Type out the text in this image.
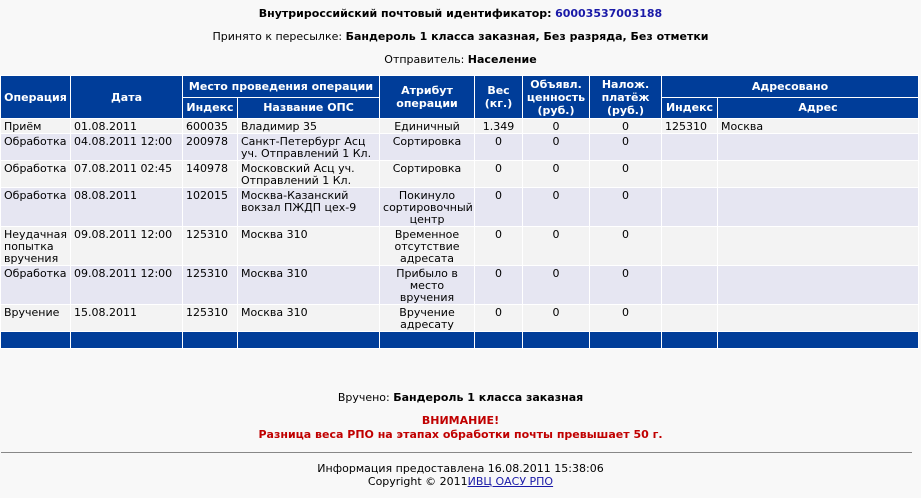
Внутрироссийский почтовый идентификатор: 60003537003188
Принято к пересылке: Бандероль 1 класса заказная, Без разряда, Без отметки
Отправитель: Население
Операция	Дата	Место проведения операции		Атрибут операции	Вес (кг.)	Объявл. ценность (руб.)	Налож. платёж (руб.)	Адресовано	
		Индекс	Название ОПС					Индекс	Адрес
Приём	01.08.2011	600035	Владимир 35	Единичный	1.349	0	0	125310	Москва
Обработка	04.08.2011 12:00	200978	Санкт-Петербург Асц уч. Отправлений 1 Кл.	Сортировка	0	0	0		
Обработка	07.08.2011 02:45	140978	Московский Асц уч. Отправлений 1 Кл.	Сортировка	0	0	0		
Обработка	08.08.2011	102015	Москва-Казанский вокзал ПЖДП цех-9	Покинуло сортировочный центр	0	0	0		
Неудачная попытка вручения	09.08.2011 12:00	125310	Москва 310	Временное отсутствие адресата	0	0	0		
Обработка	09.08.2011 12:00	125310	Москва 310	Прибыло в место вручения	0	0	0		
Вручение	15.08.2011	125310	Москва 310	Вручение адресату	0	0	0		

Вручено: Бандероль 1 класса заказная
ВНИМАНИЕ!
Разница веса РПО на этапах обработки почты превышает 50 г.
Информация предоставлена 16.08.2011 15:38:06
Copyright © 2011ИВЦ ОАСУ РПО
